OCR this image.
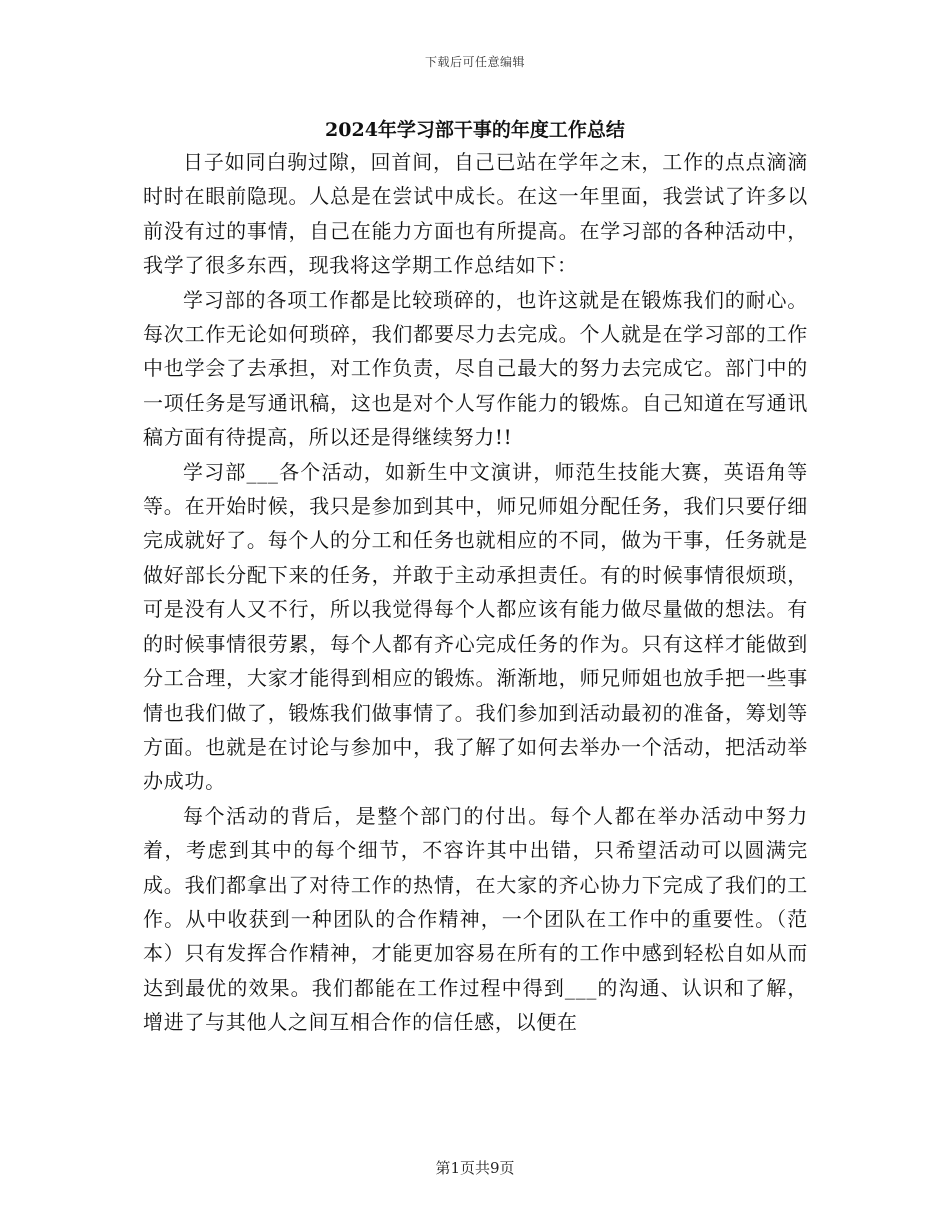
下载后可任意编辑
2024年学习部干事的年度工作总结

日子如同白驹过隙，回首间，自己已站在学年之末，工作的点点滴滴时时在眼前隐现。人总是在尝试中成长。在这一年里面，我尝试了许多以前没有过的事情，自己在能力方面也有所提高。在学习部的各种活动中，我学了很多东西，现我将这学期工作总结如下：

学习部的各项工作都是比较琐碎的，也许这就是在锻炼我们的耐心。每次工作无论如何琐碎，我们都要尽力去完成。个人就是在学习部的工作中也学会了去承担，对工作负责，尽自己最大的努力去完成它。部门中的一项任务是写通讯稿，这也是对个人写作能力的锻炼。自己知道在写通讯稿方面有待提高，所以还是得继续努力!!

学习部___各个活动，如新生中文演讲，师范生技能大赛，英语角等等。在开始时候，我只是参加到其中，师兄师姐分配任务，我们只要仔细完成就好了。每个人的分工和任务也就相应的不同，做为干事，任务就是做好部长分配下来的任务，并敢于主动承担责任。有的时候事情很烦琐，可是没有人又不行，所以我觉得每个人都应该有能力做尽量做的想法。有的时候事情很劳累，每个人都有齐心完成任务的作为。只有这样才能做到分工合理，大家才能得到相应的锻炼。渐渐地，师兄师姐也放手把一些事情也我们做了，锻炼我们做事情了。我们参加到活动最初的准备，筹划等方面。也就是在讨论与参加中，我了解了如何去举办一个活动，把活动举办成功。

每个活动的背后，是整个部门的付出。每个人都在举办活动中努力着，考虑到其中的每个细节，不容许其中出错，只希望活动可以圆满完成。我们都拿出了对待工作的热情，在大家的齐心协力下完成了我们的工作。从中收获到一种团队的合作精神，一个团队在工作中的重要性。（范本）只有发挥合作精神，才能更加容易在所有的工作中感到轻松自如从而达到最优的效果。我们都能在工作过程中得到___的沟通、认识和了解，增进了与其他人之间互相合作的信任感，以便在

第1页共9页
